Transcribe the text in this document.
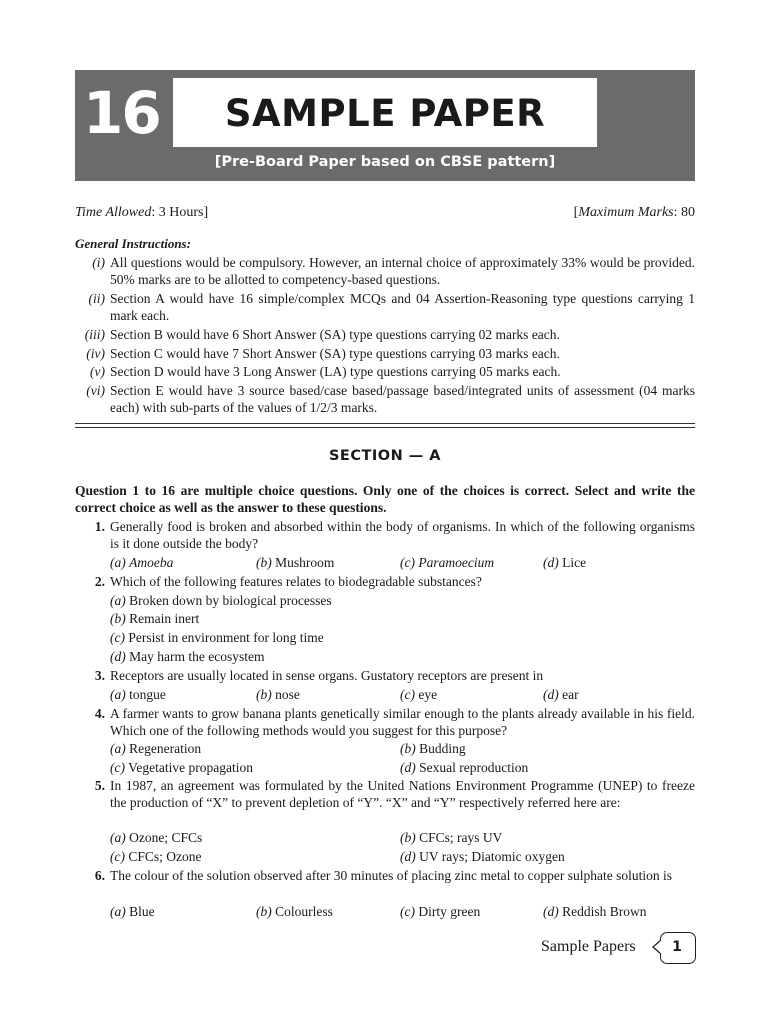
16	SAMPLE PAPER
[Pre-Board Paper based on CBSE pattern]
Time Allowed: 3 Hours]	[Maximum Marks: 80
General Instructions:
(i) All questions would be compulsory. However, an internal choice of approximately 33% would be provided. 50% marks are to be allotted to competency-based questions.
(ii) Section A would have 16 simple/complex MCQs and 04 Assertion-Reasoning type questions carrying 1 mark each.
(iii) Section B would have 6 Short Answer (SA) type questions carrying 02 marks each.
(iv) Section C would have 7 Short Answer (SA) type questions carrying 03 marks each.
(v) Section D would have 3 Long Answer (LA) type questions carrying 05 marks each.
(vi) Section E would have 3 source based/case based/passage based/integrated units of assessment (04 marks each) with sub-parts of the values of 1/2/3 marks.
SECTION — A
Question 1 to 16 are multiple choice questions. Only one of the choices is correct. Select and write the correct choice as well as the answer to these questions.
1. Generally food is broken and absorbed within the body of organisms. In which of the following organisms is it done outside the body?
(a) Amoeba	(b) Mushroom	(c) Paramoecium	(d) Lice
2. Which of the following features relates to biodegradable substances?
(a) Broken down by biological processes
(b) Remain inert
(c) Persist in environment for long time
(d) May harm the ecosystem
3. Receptors are usually located in sense organs. Gustatory receptors are present in
(a) tongue	(b) nose	(c) eye	(d) ear
4. A farmer wants to grow banana plants genetically similar enough to the plants already available in his field. Which one of the following methods would you suggest for this purpose?
(a) Regeneration	(b) Budding
(c) Vegetative propagation	(d) Sexual reproduction
5. In 1987, an agreement was formulated by the United Nations Environment Programme (UNEP) to freeze the production of “X” to prevent depletion of “Y”. “X” and “Y” respectively referred here are:
(a) Ozone; CFCs	(b) CFCs; rays UV
(c) CFCs; Ozone	(d) UV rays; Diatomic oxygen
6. The colour of the solution observed after 30 minutes of placing zinc metal to copper sulphate solution is
(a) Blue	(b) Colourless	(c) Dirty green	(d) Reddish Brown
Sample Papers	1
